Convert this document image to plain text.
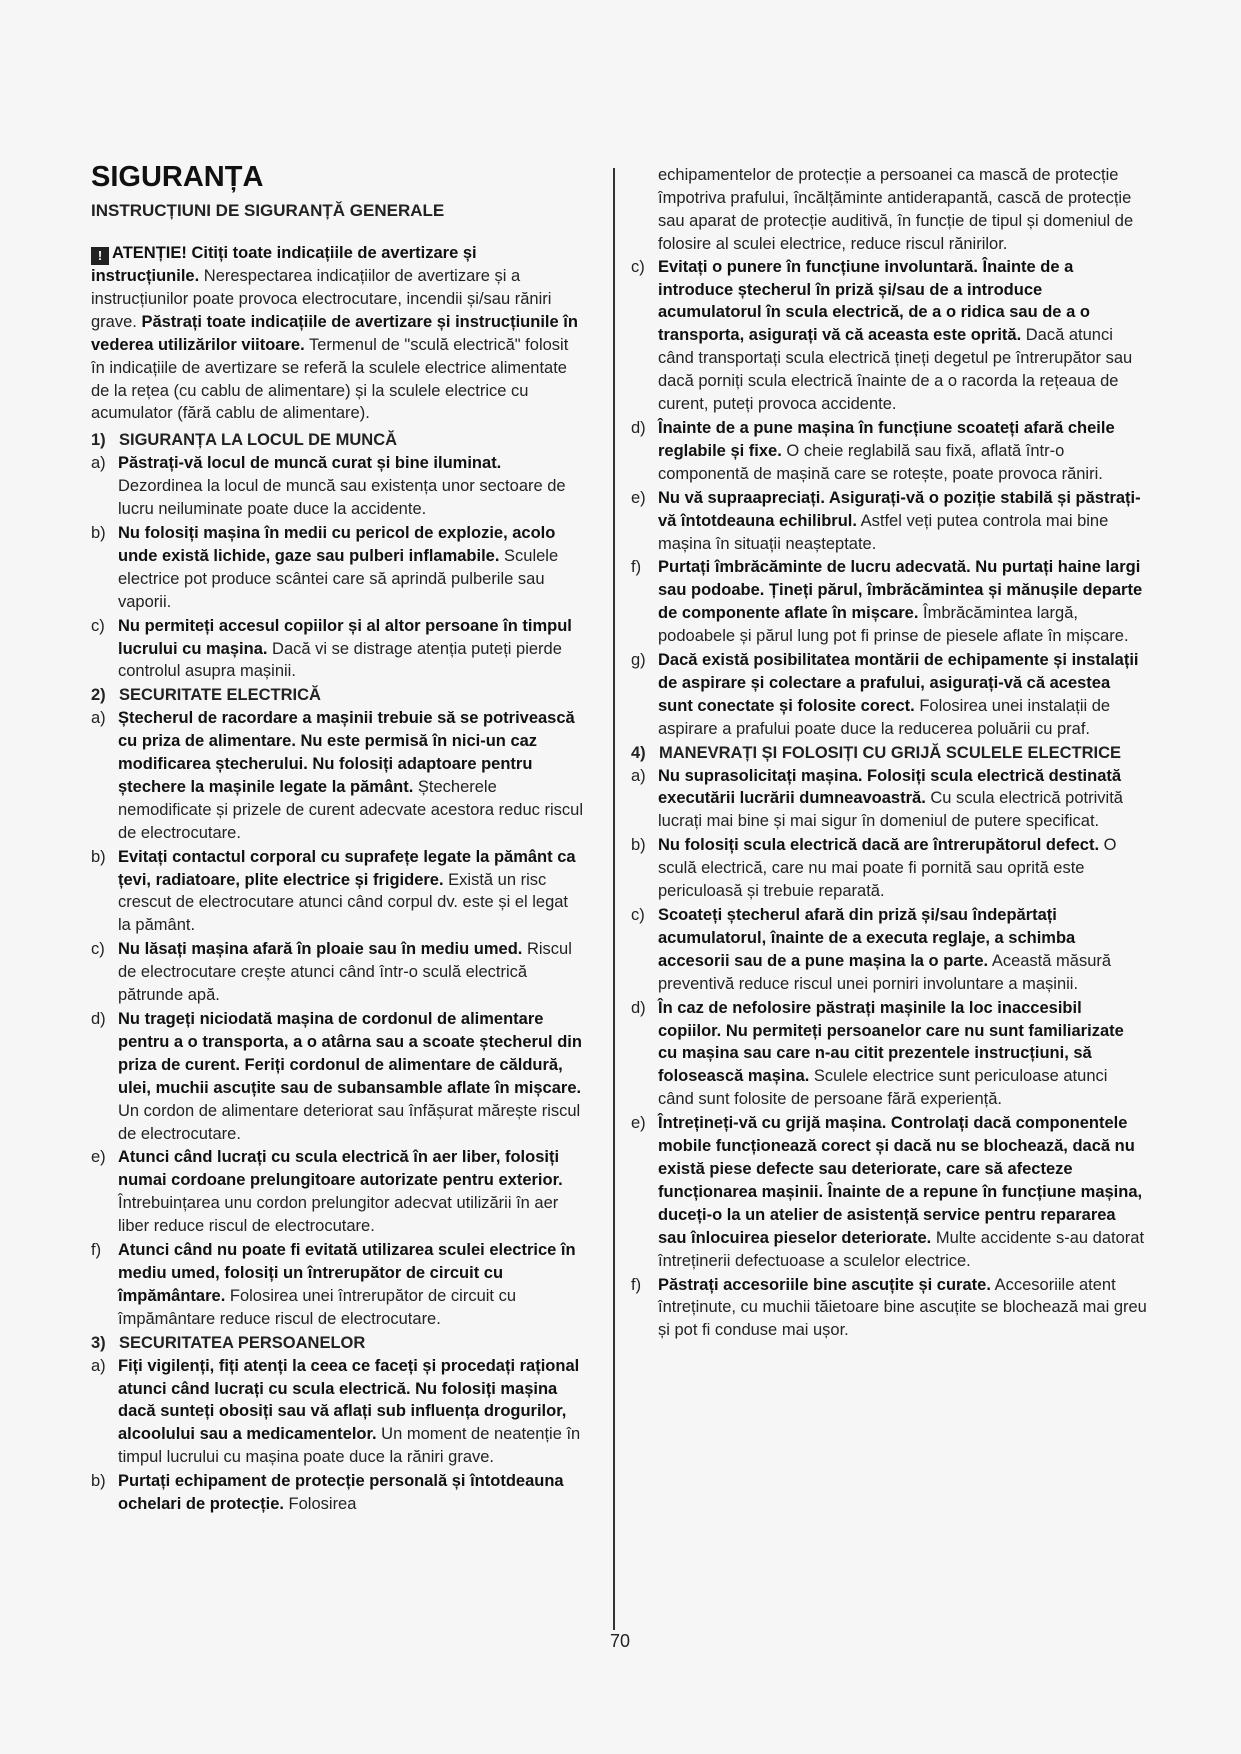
SIGURANȚA
INSTRUCȚIUNI DE SIGURANȚĂ GENERALE

! ATENȚIE! Citiți toate indicațiile de avertizare și instrucțiunile. Nerespectarea indicațiilor de avertizare și a instrucțiunilor poate provoca electrocutare, incendii și/sau răniri grave. Păstrați toate indicațiile de avertizare și instrucțiunile în vederea utilizărilor viitoare. Termenul de "sculă electrică" folosit în indicațiile de avertizare se referă la sculele electrice alimentate de la rețea (cu cablu de alimentare) și la sculele electrice cu acumulator (fără cablu de alimentare).

1) SIGURANȚA LA LOCUL DE MUNCĂ
a) Păstrați-vă locul de muncă curat și bine iluminat. Dezordinea la locul de muncă sau existența unor sectoare de lucru neiluminate poate duce la accidente.
b) Nu folosiți mașina în medii cu pericol de explozie, acolo unde există lichide, gaze sau pulberi inflamabile. Sculele electrice pot produce scântei care să aprindă pulberile sau vaporii.
c) Nu permiteți accesul copiilor și al altor persoane în timpul lucrului cu mașina. Dacă vi se distrage atenția puteți pierde controlul asupra mașinii.
2) SECURITATE ELECTRICĂ
a) Ștecherul de racordare a mașinii trebuie să se potrivească cu priza de alimentare. Nu este permisă în nici-un caz modificarea ștecherului. Nu folosiți adaptoare pentru ștechere la mașinile legate la pământ. Ștecherele nemodificate și prizele de curent adecvate acestora reduc riscul de electrocutare.
b) Evitați contactul corporal cu suprafețe legate la pământ ca țevi, radiatoare, plite electrice și frigidere. Există un risc crescut de electrocutare atunci când corpul dv. este și el legat la pământ.
c) Nu lăsați mașina afară în ploaie sau în mediu umed. Riscul de electrocutare crește atunci când într-o sculă electrică pătrunde apă.
d) Nu trageți niciodată mașina de cordonul de alimentare pentru a o transporta, a o atârna sau a scoate ștecherul din priza de curent. Feriți cordonul de alimentare de căldură, ulei, muchii ascuțite sau de subansamble aflate în mișcare. Un cordon de alimentare deteriorat sau înfășurat mărește riscul de electrocutare.
e) Atunci când lucrați cu scula electrică în aer liber, folosiți numai cordoane prelungitoare autorizate pentru exterior. Întrebuințarea unu cordon prelungitor adecvat utilizării în aer liber reduce riscul de electrocutare.
f)	Atunci când nu poate fi evitată utilizarea sculei electrice în mediu umed, folosiți un întrerupător de circuit cu împământare. Folosirea unei întrerupător de circuit cu împământare reduce riscul de electrocutare.
3) SECURITATEA PERSOANELOR
a) Fiți vigilenți, fiți atenți la ceea ce faceți și procedați rațional atunci când lucrați cu scula electrică. Nu folosiți mașina dacă sunteți obosiți sau vă aflați sub influența drogurilor, alcoolului sau a medicamentelor. Un moment de neatenție în timpul lucrului cu mașina poate duce la răniri grave.
b) Purtați echipament de protecție personală și întotdeauna ochelari de protecție. Folosirea

echipamentelor de protecție a persoanei ca mască de protecție împotriva prafului, încălțăminte antiderapantă, cască de protecție sau aparat de protecție auditivă, în funcție de tipul și domeniul de folosire al sculei electrice, reduce riscul rănirilor.

c) Evitați o punere în funcțiune involuntară. Înainte de a introduce ștecherul în priză și/sau de a introduce acumulatorul în scula electrică, de a o ridica sau de a o transporta, asigurați vă că aceasta este oprită. Dacă atunci când transportați scula electrică țineți degetul pe întrerupător sau dacă porniți scula electrică înainte de a o racorda la rețeaua de curent, puteți provoca accidente.
d) Înainte de a pune mașina în funcțiune scoateți afară cheile reglabile și fixe. O cheie reglabilă sau fixă, aflată într-o componentă de mașină care se rotește, poate provoca răniri.
e) Nu vă supraapreciați. Asigurați-vă o poziție stabilă și păstrați-vă întotdeauna echilibrul. Astfel veți putea controla mai bine mașina în situații neașteptate.
f)	Purtați îmbrăcăminte de lucru adecvată. Nu purtați haine largi sau podoabe. Țineți părul, îmbrăcămintea și mănușile departe de componente aflate în mișcare. Îmbrăcămintea largă, podoabele și părul lung pot fi prinse de piesele aflate în mișcare.
g) Dacă există posibilitatea montării de echipamente și instalații de aspirare și colectare a prafului, asigurați-vă că acestea sunt conectate și folosite corect. Folosirea unei instalații de aspirare a prafului poate duce la reducerea poluării cu praf.
4) MANEVRAȚI ȘI FOLOSIȚI CU GRIJĂ SCULELE ELECTRICE
a) Nu suprasolicitați mașina. Folosiți scula electrică destinată executării lucrării dumneavoastră. Cu scula electrică potrivită lucrați mai bine și mai sigur în domeniul de putere specificat.
b) Nu folosiți scula electrică dacă are întrerupătorul defect. O sculă electrică, care nu mai poate fi pornită sau oprită este periculoasă și trebuie reparată.
c) Scoateți ștecherul afară din priză și/sau îndepărtați acumulatorul, înainte de a executa reglaje, a schimba accesorii sau de a pune mașina la o parte. Această măsură preventivă reduce riscul unei porniri involuntare a mașinii.
d) În caz de nefolosire păstrați mașinile la loc inaccesibil copiilor. Nu permiteți persoanelor care nu sunt familiarizate cu mașina sau care n-au citit prezentele instrucțiuni, să folosească mașina. Sculele electrice sunt periculoase atunci când sunt folosite de persoane fără experiență.
e) Întrețineți-vă cu grijă mașina. Controlați dacă componentele mobile funcționează corect și dacă nu se blochează, dacă nu există piese defecte sau deteriorate, care să afecteze funcționarea mașinii. Înainte de a repune în funcțiune mașina, duceți-o la un atelier de asistență service pentru repararea sau înlocuirea pieselor deteriorate. Multe accidente s-au datorat întreținerii defectuoase a sculelor electrice.
f)	Păstrați accesoriile bine ascuțite și curate. Accesoriile atent întreținute, cu muchii tăietoare bine ascuțite se blochează mai greu și pot fi conduse mai ușor.
70
